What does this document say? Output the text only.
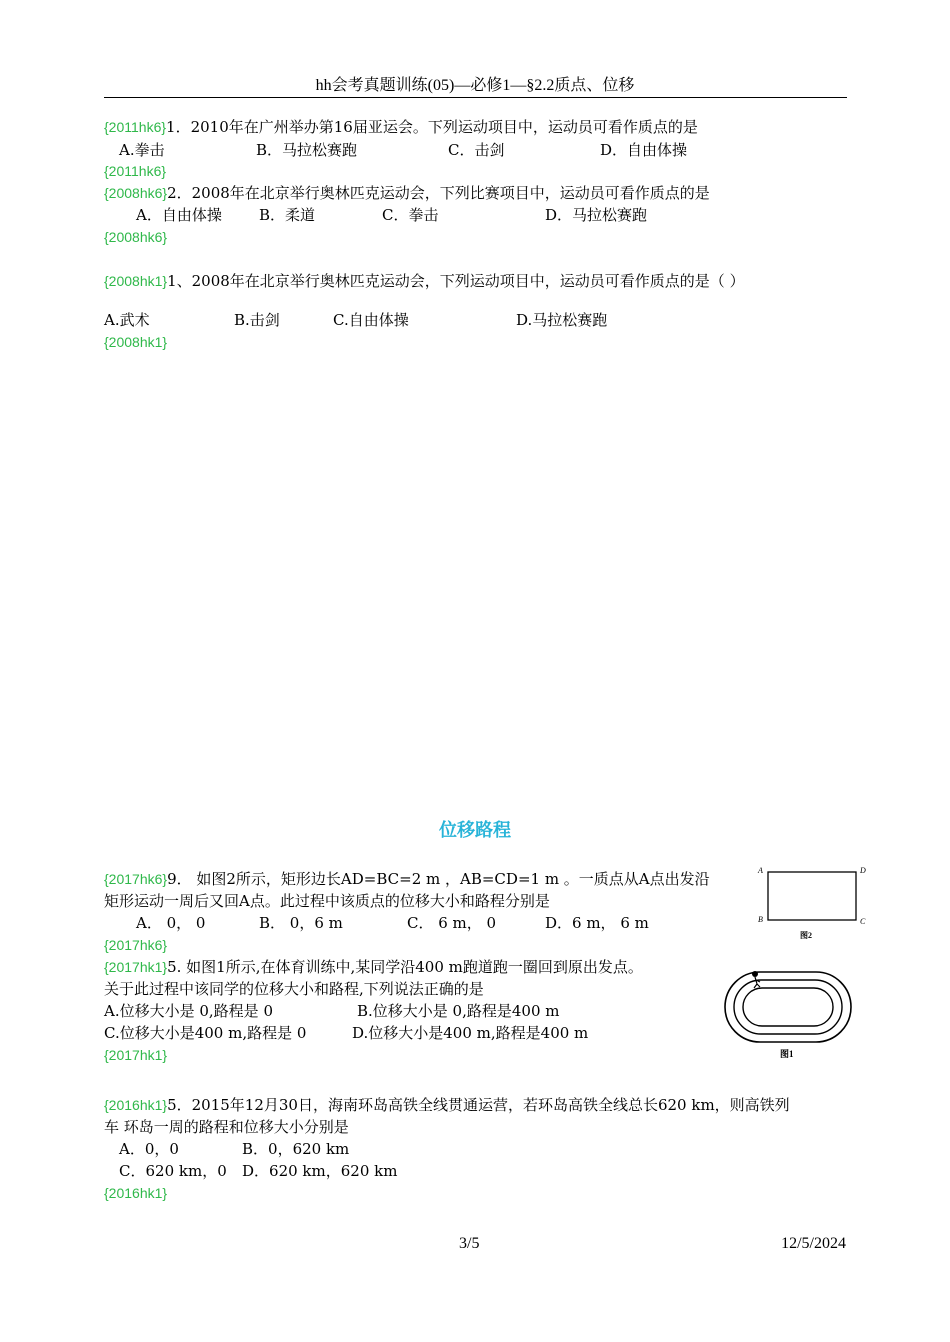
hh会考真题训练(05)—必修1—§2.2质点、位移
{2011hk6}1．2010年在广州举办第16届亚运会。下列运动项目中，运动员可看作质点的是
A.拳击	B．马拉松赛跑	C．击剑	D．自由体操
{2011hk6}
{2008hk6}2．2008年在北京举行奥林匹克运动会，下列比赛项目中，运动员可看作质点的是
A．自由体操 B．柔道	C．拳击	D．马拉松赛跑
{2008hk6}
{2008hk1}1、2008年在北京举行奥林匹克运动会，下列运动项目中，运动员可看作质点的是（ ）
A.武术	B.击剑	C.自由体操	D.马拉松赛跑
{2008hk1}
位移路程
{2017hk6}9． 如图2所示，矩形边长AD=BC=2 m ，AB=CD=1 m 。一质点从A点出发沿
矩形运动一周后又回A点。此过程中该质点的位移大小和路程分别是
A． 0， 0	B． 0，6 m	C． 6 m， 0	D．6 m， 6 m
{2017hk6}
A	D
B	C
图2
{2017hk1}5. 如图1所示,在体育训练中,某同学沿400 m跑道跑一圈回到原出发点。
关于此过程中该同学的位移大小和路程,下列说法正确的是
A.位移大小是 0,路程是 0	B.位移大小是 0,路程是400 m
C.位移大小是400 m,路程是 0	D.位移大小是400 m,路程是400 m
{2017hk1}	图1
{2016hk1}5．2015年12月30日，海南环岛高铁全线贯通运营，若环岛高铁全线总长620 km，则高铁列
车 环岛一周的路程和位移大小分别是
A．0，0	B．0，620 km
C．620 km，0 D．620 km，620 km
{2016hk1}
3/5	12/5/2024
